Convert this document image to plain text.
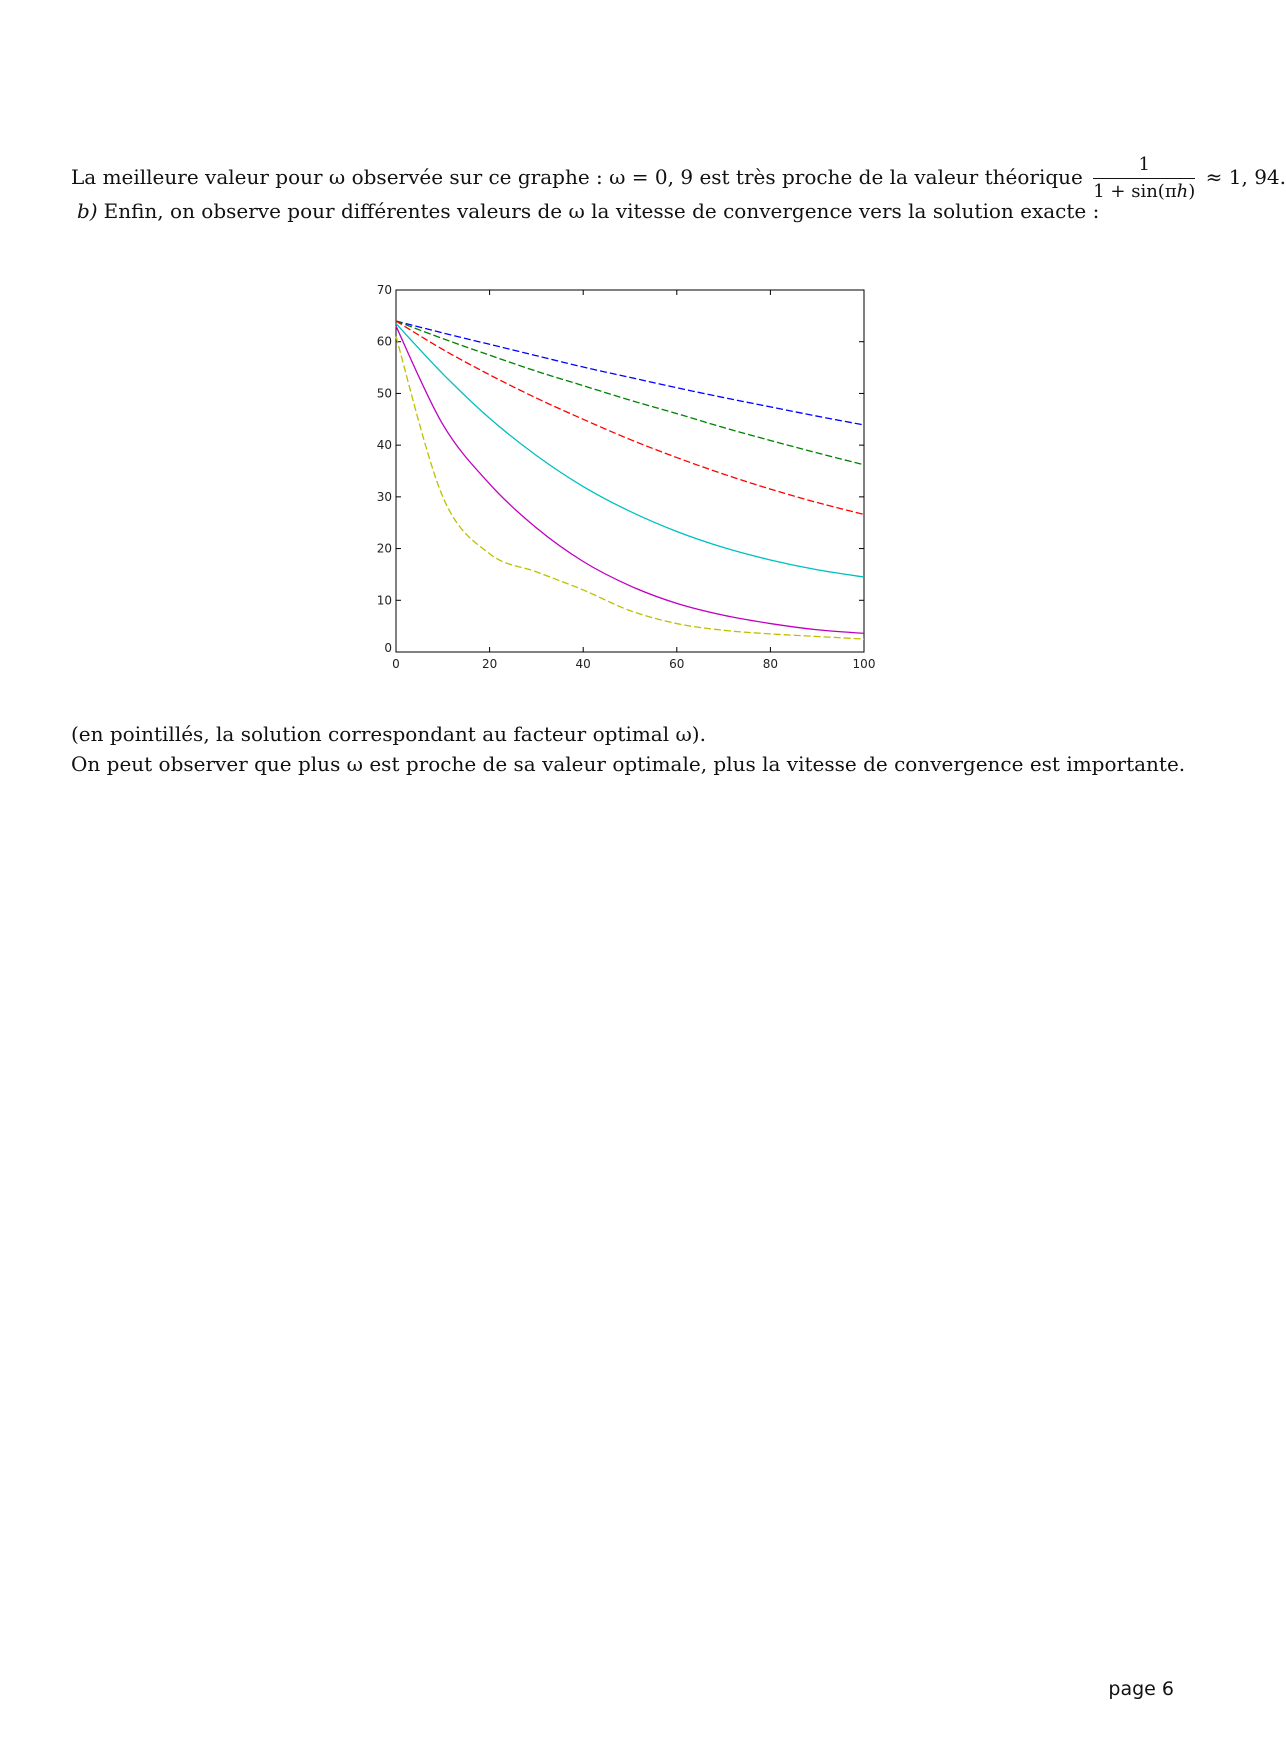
La meilleure valeur pour ω observée sur ce graphe : ω = 0, 9 est très proche de la valeur théorique $\frac{1}{1 + \sin(\pi h)} \approx 1$, 94.
b) Enfin, on observe pour différentes valeurs de ω la vitesse de convergence vers la solution exacte :
0	20	40	60	80	100
0
10
20
30
40
50
60
70
(en pointillés, la solution correspondant au facteur optimal ω).
On peut observer que plus ω est proche de sa valeur optimale, plus la vitesse de convergence est importante.
page 6
